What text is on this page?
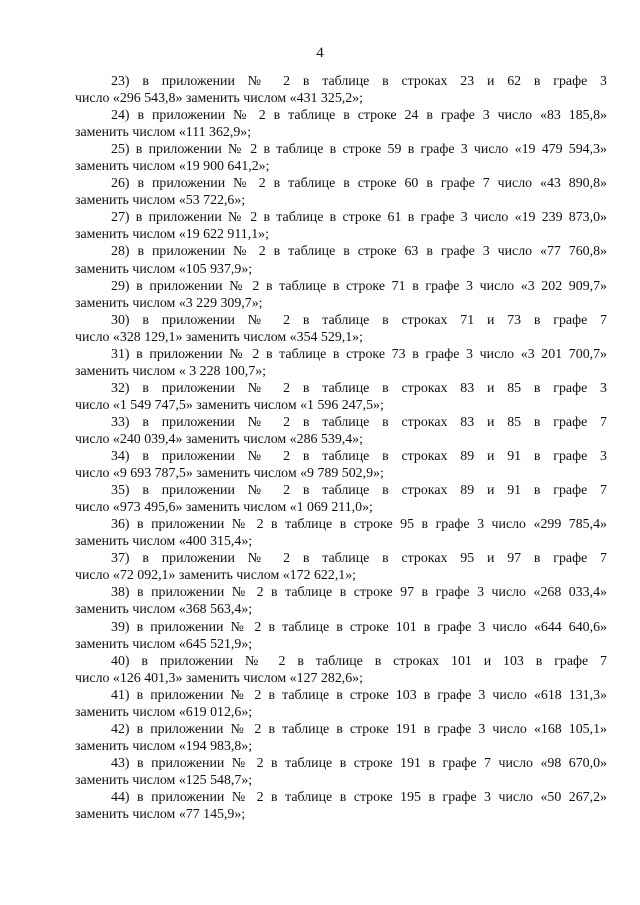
4
23) в приложении № 2 в таблице в строках 23 и 62 в графе 3
число «296 543,8» заменить числом «431 325,2»;
24) в приложении № 2 в таблице в строке 24 в графе 3 число «83 185,8»
заменить числом «111 362,9»;
25) в приложении № 2 в таблице в строке 59 в графе 3 число «19 479 594,3»
заменить числом «19 900 641,2»;
26) в приложении № 2 в таблице в строке 60 в графе 7 число «43 890,8»
заменить числом «53 722,6»;
27) в приложении № 2 в таблице в строке 61 в графе 3 число «19 239 873,0»
заменить числом «19 622 911,1»;
28) в приложении № 2 в таблице в строке 63 в графе 3 число «77 760,8»
заменить числом «105 937,9»;
29) в приложении № 2 в таблице в строке 71 в графе 3 число «3 202 909,7»
заменить числом «3 229 309,7»;
30) в приложении № 2 в таблице в строках 71 и 73 в графе 7
число «328 129,1» заменить числом «354 529,1»;
31) в приложении № 2 в таблице в строке 73 в графе 3 число «3 201 700,7»
заменить числом « 3 228 100,7»;
32) в приложении № 2 в таблице в строках 83 и 85 в графе 3
число «1 549 747,5» заменить числом «1 596 247,5»;
33) в приложении № 2 в таблице в строках 83 и 85 в графе 7
число «240 039,4» заменить числом «286 539,4»;
34) в приложении № 2 в таблице в строках 89 и 91 в графе 3
число «9 693 787,5» заменить числом «9 789 502,9»;
35) в приложении № 2 в таблице в строках 89 и 91 в графе 7
число «973 495,6» заменить числом «1 069 211,0»;
36) в приложении № 2 в таблице в строке 95 в графе 3 число «299 785,4»
заменить числом «400 315,4»;
37) в приложении № 2 в таблице в строках 95 и 97 в графе 7
число «72 092,1» заменить числом «172 622,1»;
38) в приложении № 2 в таблице в строке 97 в графе 3 число «268 033,4»
заменить числом «368 563,4»;
39) в приложении № 2 в таблице в строке 101 в графе 3 число «644 640,6»
заменить числом «645 521,9»;
40) в приложении № 2 в таблице в строках 101 и 103 в графе 7
число «126 401,3» заменить числом «127 282,6»;
41) в приложении № 2 в таблице в строке 103 в графе 3 число «618 131,3»
заменить числом «619 012,6»;
42) в приложении № 2 в таблице в строке 191 в графе 3 число «168 105,1»
заменить числом «194 983,8»;
43) в приложении № 2 в таблице в строке 191 в графе 7 число «98 670,0»
заменить числом «125 548,7»;
44) в приложении № 2 в таблице в строке 195 в графе 3 число «50 267,2»
заменить числом «77 145,9»;
